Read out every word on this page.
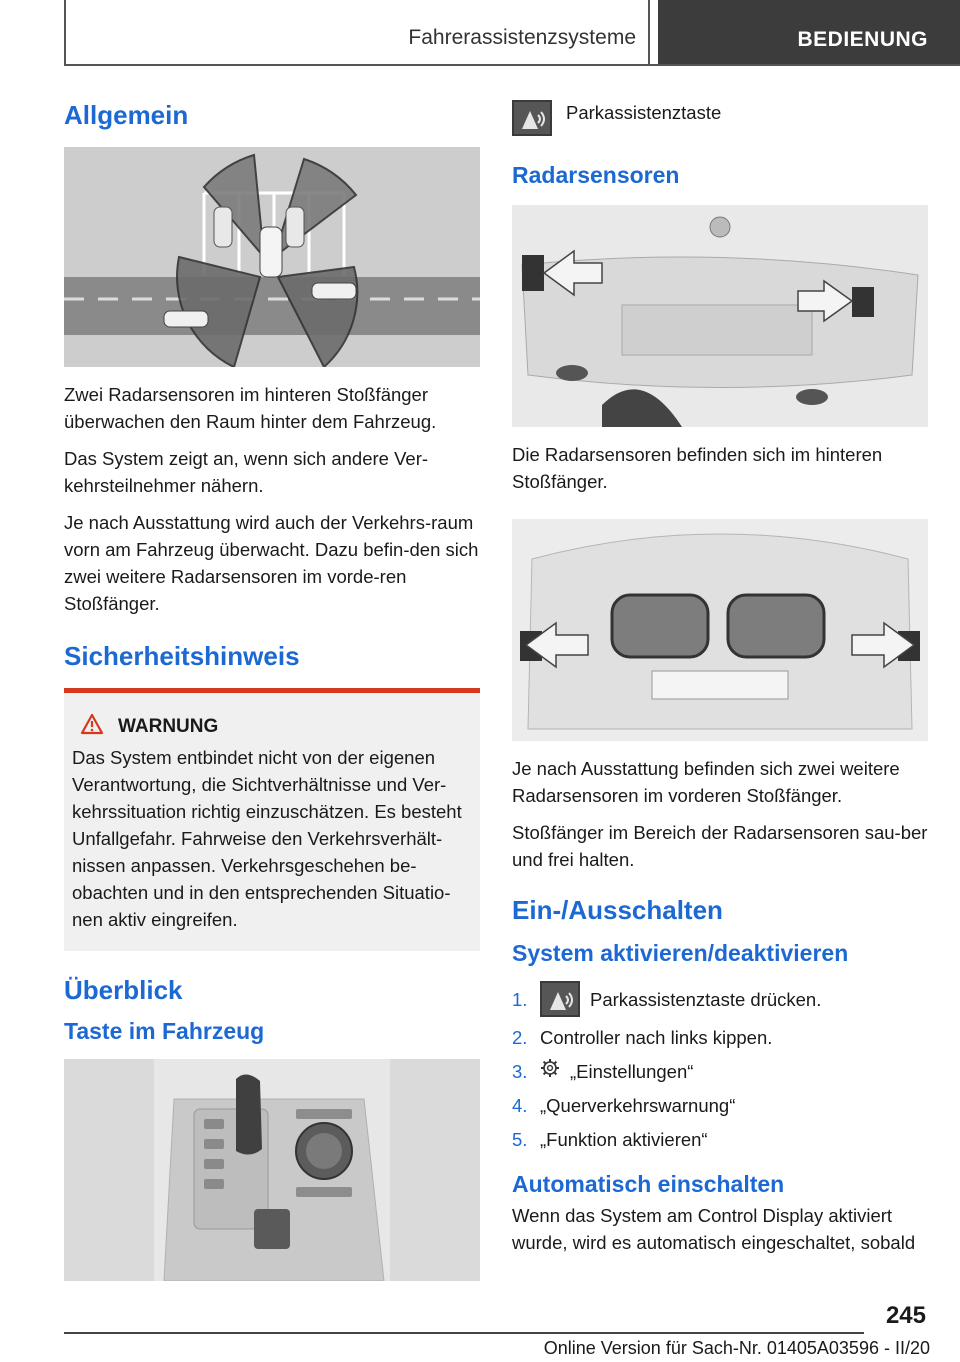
Fahrerassistenzsysteme	BEDIENUNG
Allgemein

Zwei Radarsensoren im hinteren Stoßfänger überwachen den Raum hinter dem Fahrzeug.

Das System zeigt an, wenn sich andere Ver-kehrsteilnehmer nähern.

Je nach Ausstattung wird auch der Verkehrs-raum vorn am Fahrzeug überwacht. Dazu befin-den sich zwei weitere Radarsensoren im vorde-ren Stoßfänger.

Sicherheitshinweis
WARNUNG

Das System entbindet nicht von der eigenen Verantwortung, die Sichtverhältnisse und Ver-kehrssituation richtig einzuschätzen. Es besteht Unfallgefahr. Fahrweise den Verkehrsverhält-nissen anpassen. Verkehrsgeschehen be-obachten und in den entsprechenden Situatio-nen aktiv eingreifen.

Überblick
Taste im Fahrzeug
Parkassistenztaste
Radarsensoren

Die Radarsensoren befinden sich im hinteren Stoßfänger.

Je nach Ausstattung befinden sich zwei weitere Radarsensoren im vorderen Stoßfänger.

Stoßfänger im Bereich der Radarsensoren sau-ber und frei halten.

Ein-/Ausschalten
System aktivieren/deaktivieren
1.	Parkassistenztaste drücken.
2. Controller nach links kippen.
3.	„Einstellungen“
4. „Querverkehrswarnung“
5. „Funktion aktivieren“
Automatisch einschalten

Wenn das System am Control Display aktiviert wurde, wird es automatisch eingeschaltet, sobald

245
Online Version für Sach-Nr. 01405A03596 - II/20
